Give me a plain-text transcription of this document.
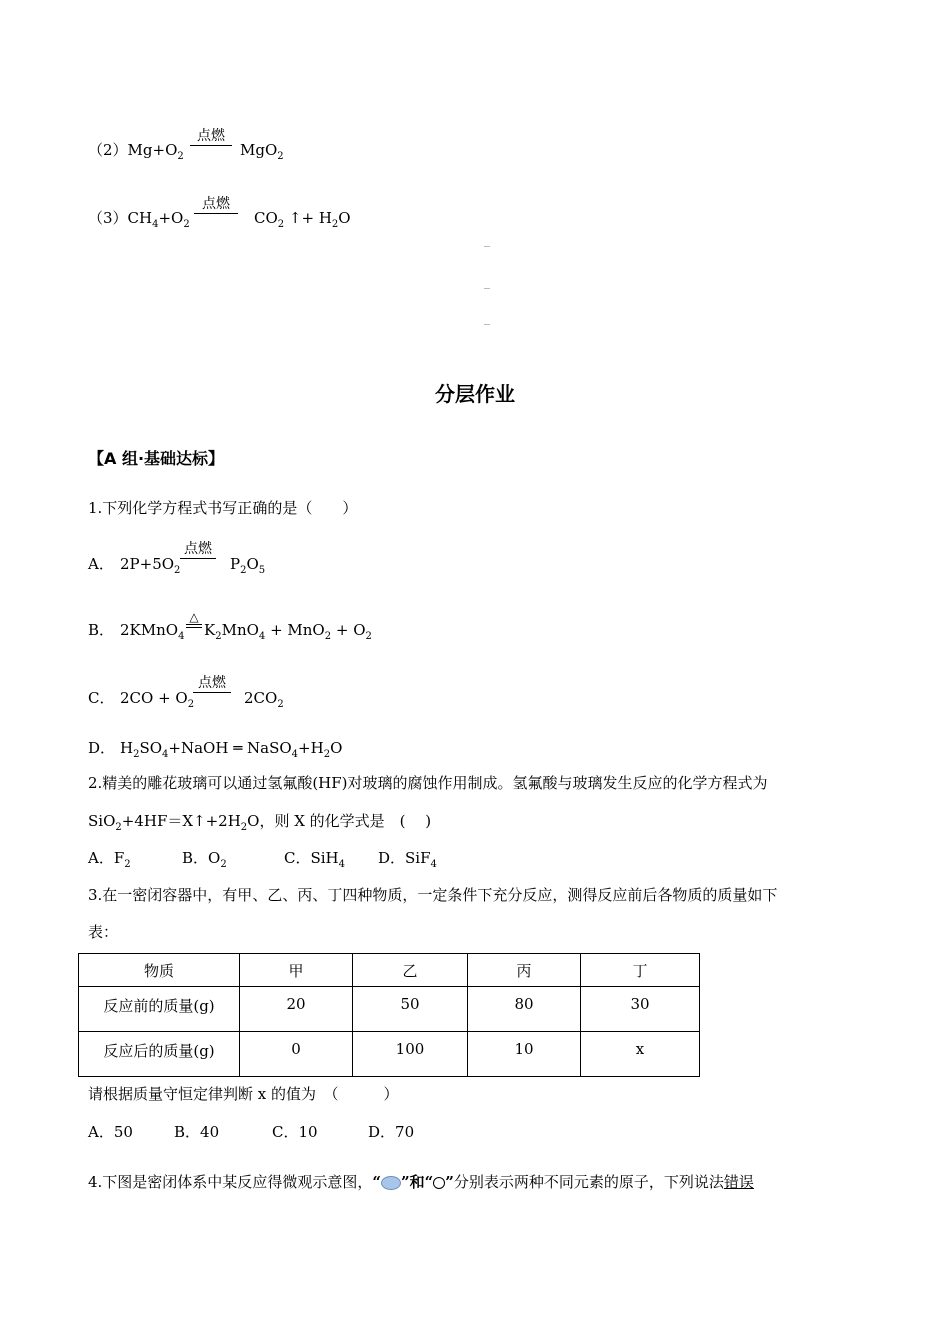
$(2)Mg+O_2$
点燃
MgO$_2$
$(3)CH_4+O_2$
点燃
$CO_2$ ↑+ $H_2O$
分层作业
【A 组·基础达标】
1.下列化学方程式书写正确的是（　　）
A． $2P+5O_2$
点燃
$P_2O_5$
B． 2KMnO$_4$
△
$K_2MnO_4 + MnO_2 + O_2$
C． $2CO + O_2$
点燃
$2CO_2$
D． $H_2SO_4+NaOH$ ═ $NaSO_4+H_2O$
2.精美的雕花玻璃可以通过氢氟酸(HF)对玻璃的腐蚀作用制成。氢氟酸与玻璃发生反应的化学方程式为
$SiO_2+4HF=X↑+2H_2O$，则 X 的化学式是　( 　)
A．$F_2$	B．$O_2$	C．SiH$_4$ D．SiF$_4$
3.在一密闭容器中，有甲、乙、丙、丁四种物质，一定条件下充分反应，测得反应前后各物质的质量如下
表：
物质	甲	乙	丙	丁
反应前的质量(g)	20	50	80	30
反应后的质量(g)	0	100	10	x
请根据质量守恒定律判断 x 的值为　（　　　）
A．50	B．40	C．10	D．70
4.下图是密闭体系中某反应得微观示意图，“ ”和“ ”分别表示两种不同元素的原子，下列说法错误
